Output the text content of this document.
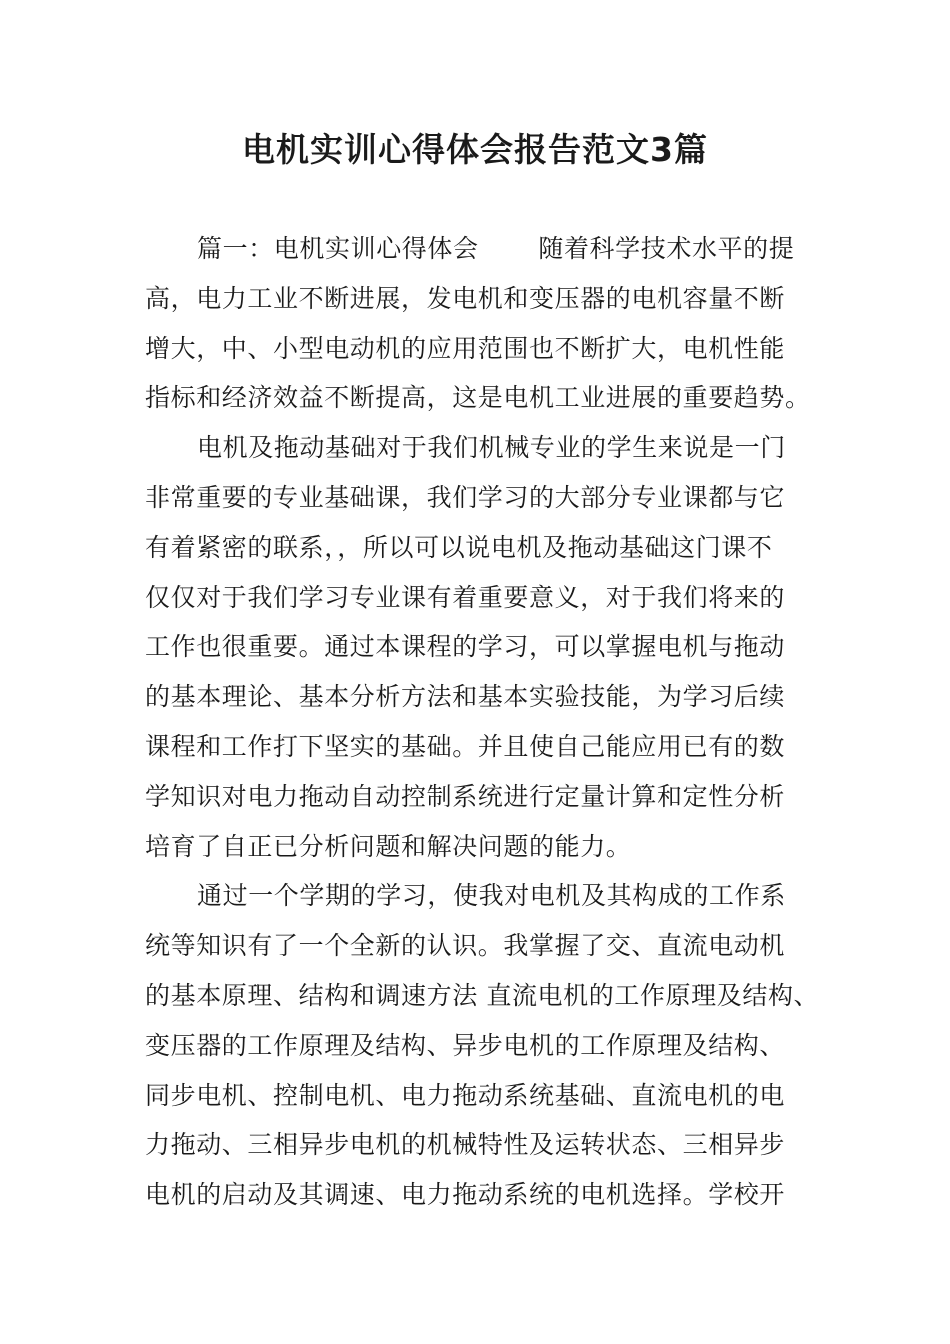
电机实训心得体会报告范文3篇
篇一：电机实训心得体会　　 随着科学技术水平的提
高，电力工业不断进展，发电机和变压器的电机容量不断
增大，中、小型电动机的应用范围也不断扩大，电机性能
指标和经济效益不断提高，这是电机工业进展的重要趋势。
电机及拖动基础对于我们机械专业的学生来说是一门
非常重要的专业基础课，我们学习的大部分专业课都与它
有着紧密的联系，，所以可以说电机及拖动基础这门课不
仅仅对于我们学习专业课有着重要意义，对于我们将来的
工作也很重要。通过本课程的学习，可以掌握电机与拖动
的基本理论、基本分析方法和基本实验技能，为学习后续
课程和工作打下坚实的基础。并且使自己能应用已有的数
学知识对电力拖动自动控制系统进行定量计算和定性分析
培育了自正已分析问题和解决问题的能力。
通过一个学期的学习，使我对电机及其构成的工作系
统等知识有了一个全新的认识。我掌握了交、直流电动机
的基本原理、结构和调速方法 直流电机的工作原理及结构、
变压器的工作原理及结构、异步电机的工作原理及结构、
同步电机、控制电机、电力拖动系统基础、直流电机的电
力拖动、三相异步电机的机械特性及运转状态、三相异步
电机的启动及其调速、电力拖动系统的电机选择。学校开
